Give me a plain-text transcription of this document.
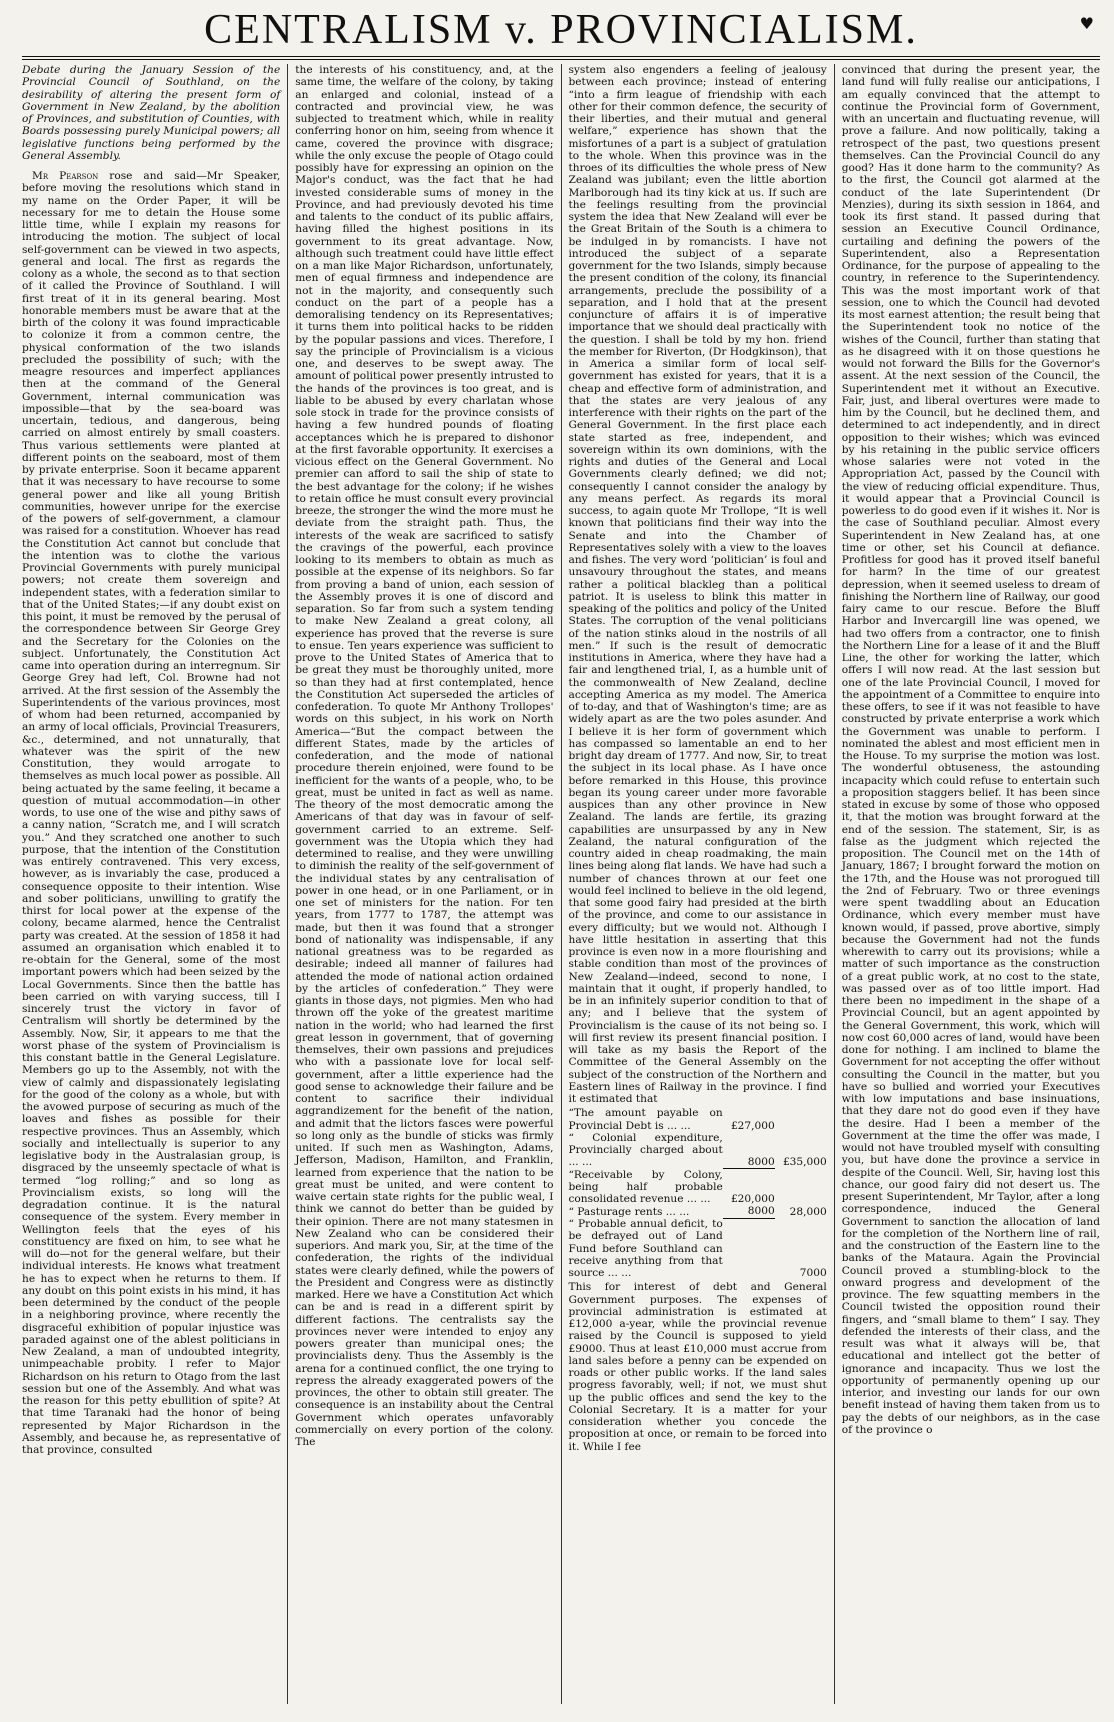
♥
CENTRALISM v. PROVINCIALISM.

Debate during the January Session of the Provincial Council of Southland, on the desirability of altering the present form of Government in New Zealand, by the abolition of Provinces, and substitution of Counties, with Boards possessing purely Municipal powers; all legislative functions being performed by the General Assembly.

Mr Pearson rose and said—Mr Speaker, before moving the resolutions which stand in my name on the Order Paper, it will be necessary for me to detain the House some little time, while I explain my reasons for introducing the motion. The subject of local self-government can be viewed in two aspects, general and local. The first as regards the colony as a whole, the second as to that section of it called the Province of Southland. I will first treat of it in its general bearing. Most honorable members must be aware that at the birth of the colony it was found impracticable to colonize it from a common centre, the physical conformation of the two islands precluded the possibility of such; with the meagre resources and imperfect appliances then at the command of the General Government, internal communication was impossible—that by the sea-board was uncertain, tedious, and dangerous, being carried on almost entirely by small coasters. Thus various settlements were planted at different points on the seaboard, most of them by private enterprise. Soon it became apparent that it was necessary to have recourse to some general power and like all young British communities, however unripe for the exercise of the powers of self-government, a clamour was raised for a constitution. Whoever has read the Constitution Act cannot but conclude that the intention was to clothe the various Provincial Governments with purely municipal powers; not create them sovereign and independent states, with a federation similar to that of the United States;—if any doubt exist on this point, it must be removed by the perusal of the correspondence between Sir George Grey and the Secretary for the Colonies on the subject. Unfortunately, the Constitution Act came into operation during an interregnum. Sir George Grey had left, Col. Browne had not arrived. At the first session of the Assembly the Superintendents of the various provinces, most of whom had been returned, accompanied by an army of local officials, Provincial Treasurers, &c., determined, and not unnaturally, that whatever was the spirit of the new Constitution, they would arrogate to themselves as much local power as possible. All being actuated by the same feeling, it became a question of mutual accommodation—in other words, to use one of the wise and pithy saws of a canny nation, “Scratch me, and I will scratch you.” And they scratched one another to such purpose, that the intention of the Constitution was entirely contravened. This very excess, however, as is invariably the case, produced a consequence opposite to their intention. Wise and sober politicians, unwilling to gratify the thirst for local power at the expense of the colony, became alarmed, hence the Centralist party was created. At the session of 1858 it had assumed an organisation which enabled it to re-obtain for the General, some of the most important powers which had been seized by the Local Governments. Since then the battle has been carried on with varying success, till I sincerely trust the victory in favor of Centralism will shortly be determined by the Assembly. Now, Sir, it appears to me that the worst phase of the system of Provincialism is this constant battle in the General Legislature. Members go up to the Assembly, not with the view of calmly and dispassionately legislating for the good of the colony as a whole, but with the avowed purpose of securing as much of the loaves and fishes as possible for their respective provinces. Thus an Assembly, which socially and intellectually is superior to any legislative body in the Australasian group, is disgraced by the unseemly spectacle of what is termed “log rolling;” and so long as Provincialism exists, so long will the degradation continue. It is the natural consequence of the system. Every member in Wellington feels that the eyes of his constituency are fixed on him, to see what he will do—not for the general welfare, but their individual interests. He knows what treatment he has to expect when he returns to them. If any doubt on this point exists in his mind, it has been determined by the conduct of the people in a neighboring province, where recently the disgraceful exhibition of popular injustice was paraded against one of the ablest politicians in New Zealand, a man of undoubted integrity, unimpeachable probity. I refer to Major Richardson on his return to Otago from the last session but one of the Assembly. And what was the reason for this petty ebullition of spite? At that time Taranaki had the honor of being represented by Major Richardson in the Assembly, and because he, as representative of that province, consulted

the interests of his constituency, and, at the same time, the welfare of the colony, by taking an enlarged and colonial, instead of a contracted and provincial view, he was subjected to treatment which, while in reality conferring honor on him, seeing from whence it came, covered the province with disgrace; while the only excuse the people of Otago could possibly have for expressing an opinion on the Major's conduct, was the fact that he had invested considerable sums of money in the Province, and had previously devoted his time and talents to the conduct of its public affairs, having filled the highest positions in its government to its great advantage. Now, although such treatment could have little effect on a man like Major Richardson, unfortunately, men of equal firmness and independence are not in the majority, and consequently such conduct on the part of a people has a demoralising tendency on its Representatives; it turns them into political hacks to be ridden by the popular passions and vices. Therefore, I say the principle of Provincialism is a vicious one, and deserves to be swept away. The amount of political power presently intrusted to the hands of the provinces is too great, and is liable to be abused by every charlatan whose sole stock in trade for the province consists of having a few hundred pounds of floating acceptances which he is prepared to dishonor at the first favorable opportunity. It exercises a vicious effect on the General Government. No premier can afford to sail the ship of state to the best advantage for the colony; if he wishes to retain office he must consult every provincial breeze, the stronger the wind the more must he deviate from the straight path. Thus, the interests of the weak are sacrificed to satisfy the cravings of the powerful, each province looking to its members to obtain as much as possible at the expense of its neighbors. So far from proving a band of union, each session of the Assembly proves it is one of discord and separation. So far from such a system tending to make New Zealand a great colony, all experience has proved that the reverse is sure to ensue. Ten years experience was sufficient to prove to the United States of America that to be great they must be thoroughly united, more so than they had at first contemplated, hence the Constitution Act superseded the articles of confederation. To quote Mr Anthony Trollopes' words on this subject, in his work on North America—“But the compact between the different States, made by the articles of confederation, and the mode of national procedure therein enjoined, were found to be inefficient for the wants of a people, who, to be great, must be united in fact as well as name. The theory of the most democratic among the Americans of that day was in favour of self-government carried to an extreme. Self-government was the Utopia which they had determined to realise, and they were unwilling to diminish the reality of the self-government of the individual states by any centralisation of power in one head, or in one Parliament, or in one set of ministers for the nation. For ten years, from 1777 to 1787, the attempt was made, but then it was found that a stronger bond of nationality was indispensable, if any national greatness was to be regarded as desirable; indeed all manner of failures had attended the mode of national action ordained by the articles of confederation.” They were giants in those days, not pigmies. Men who had thrown off the yoke of the greatest maritime nation in the world; who had learned the first great lesson in government, that of governing themselves, their own passions and prejudices who with a passionate love for local self-government, after a little experience had the good sense to acknowledge their failure and be content to sacrifice their individual aggrandizement for the benefit of the nation, and admit that the lictors fasces were powerful so long only as the bundle of sticks was firmly united. If such men as Washington, Adams, Jefferson, Madison, Hamilton, and Franklin, learned from experience that the nation to be great must be united, and were content to waive certain state rights for the public weal, I think we cannot do better than be guided by their opinion. There are not many statesmen in New Zealand who can be considered their superiors. And mark you, Sir, at the time of the confederation, the rights of the individual states were clearly defined, while the powers of the President and Congress were as distinctly marked. Here we have a Constitution Act which can be and is read in a different spirit by different factions. The centralists say the provinces never were intended to enjoy any powers greater than municipal ones; the provincialists deny. Thus the Assembly is the arena for a continued conflict, the one trying to repress the already exaggerated powers of the provinces, the other to obtain still greater. The consequence is an instability about the Central Government which operates unfavorably commercially on every portion of the colony. The

system also engenders a feeling of jealousy between each province; instead of entering “into a firm league of friendship with each other for their common defence, the security of their liberties, and their mutual and general welfare,” experience has shown that the misfortunes of a part is a subject of gratulation to the whole. When this province was in the throes of its difficulties the whole press of New Zealand was jubilant; even the little abortion Marlborough had its tiny kick at us. If such are the feelings resulting from the provincial system the idea that New Zealand will ever be the Great Britain of the South is a chimera to be indulged in by romancists. I have not introduced the subject of a separate government for the two Islands, simply because the present condition of the colony, its financial arrangements, preclude the possibility of a separation, and I hold that at the present conjuncture of affairs it is of imperative importance that we should deal practically with the question. I shall be told by my hon. friend the member for Riverton, (Dr Hodgkinson), that in America a similar form of local self-government has existed for years, that it is a cheap and effective form of administration, and that the states are very jealous of any interference with their rights on the part of the General Government. In the first place each state started as free, independent, and sovereign within its own dominions, with the rights and duties of the General and Local Governments clearly defined; we did not; consequently I cannot consider the analogy by any means perfect. As regards its moral success, to again quote Mr Trollope, “It is well known that politicians find their way into the Senate and into the Chamber of Representatives solely with a view to the loaves and fishes. The very word ‘politician’ is foul and unsavoury throughout the states, and means rather a political blackleg than a political patriot. It is useless to blink this matter in speaking of the politics and policy of the United States. The corruption of the venal politicians of the nation stinks aloud in the nostrils of all men.” If such is the result of democratic institutions in America, where they have had a fair and lengthened trial, I, as a humble unit of the commonwealth of New Zealand, decline accepting America as my model. The America of to-day, and that of Washington's time; are as widely apart as are the two poles asunder. And I believe it is her form of government which has compassed so lamentable an end to her bright day dream of 1777. And now, Sir, to treat the subject in its local phase. As I have once before remarked in this House, this province began its young career under more favorable auspices than any other province in New Zealand. The lands are fertile, its grazing capabilities are unsurpassed by any in New Zealand, the natural configuration of the country aided in cheap roadmaking, the main lines being along flat lands. We have had such a number of chances thrown at our feet one would feel inclined to believe in the old legend, that some good fairy had presided at the birth of the province, and come to our assistance in every difficulty; but we would not. Although I have little hesitation in asserting that this province is even now in a more flourishing and stable condition than most of the provinces of New Zealand—indeed, second to none, I maintain that it ought, if properly handled, to be in an infinitely superior condition to that of any; and I believe that the system of Provincialism is the cause of its not being so. I will first review its present financial position. I will take as my basis the Report of the Committee of the General Assembly on the subject of the construction of the Northern and Eastern lines of Railway in the province. I find it estimated that

“The amount payable on Provincial Debt is ... ...	£27,000	
“ Colonial expenditure, Provincially charged about ... ...	8000	£35,000
“Receivable by Colony, being half probable consolidated revenue ... ...	£20,000	
“ Pasturage rents ... ...	8000	28,000
“ Probable annual deficit, to be defrayed out of Land Fund before Southland can receive anything from that source ... ...		7000

This for interest of debt and General Government purposes. The expenses of provincial administration is estimated at £12,000 a-year, while the provincial revenue raised by the Council is supposed to yield £9000. Thus at least £10,000 must accrue from land sales before a penny can be expended on roads or other public works. If the land sales progress favorably, well; if not, we must shut up the public offices and send the key to the Colonial Secretary. It is a matter for your consideration whether you concede the proposition at once, or remain to be forced into it. While I fee

convinced that during the present year, the land fund will fully realise our anticipations, I am equally convinced that the attempt to continue the Provincial form of Government, with an uncertain and fluctuating revenue, will prove a failure. And now politically, taking a retrospect of the past, two questions present themselves. Can the Provincial Council do any good? Has it done harm to the community? As to the first, the Council got alarmed at the conduct of the late Superintendent (Dr Menzies), during its sixth session in 1864, and took its first stand. It passed during that session an Executive Council Ordinance, curtailing and defining the powers of the Superintendent, also a Representation Ordinance, for the purpose of appealing to the country, in reference to the Superintendency. This was the most important work of that session, one to which the Council had devoted its most earnest attention; the result being that the Superintendent took no notice of the wishes of the Council, further than stating that as he disagreed with it on those questions he would not forward the Bills for the Governor's assent. At the next session of the Council, the Superintendent met it without an Executive. Fair, just, and liberal overtures were made to him by the Council, but he declined them, and determined to act independently, and in direct opposition to their wishes; which was evinced by his retaining in the public service officers whose salaries were not voted in the Appropriation Act, passed by the Council with the view of reducing official expenditure. Thus, it would appear that a Provincial Council is powerless to do good even if it wishes it. Nor is the case of Southland peculiar. Almost every Superintendent in New Zealand has, at one time or other, set his Council at defiance. Profitless for good has it proved itself baneful for harm? In the time of our greatest depression, when it seemed useless to dream of finishing the Northern line of Railway, our good fairy came to our rescue. Before the Bluff Harbor and Invercargill line was opened, we had two offers from a contractor, one to finish the Northern Line for a lease of it and the Bluff Line, the other for working the latter, which offers I will now read. At the last session but one of the late Provincial Council, I moved for the appointment of a Committee to enquire into these offers, to see if it was not feasible to have constructed by private enterprise a work which the Government was unable to perform. I nominated the ablest and most efficient men in the House. To my surprise the motion was lost. The wonderful obtuseness, the astounding incapacity which could refuse to entertain such a proposition staggers belief. It has been since stated in excuse by some of those who opposed it, that the motion was brought forward at the end of the session. The statement, Sir, is as false as the judgment which rejected the proposition. The Council met on the 14th of January, 1867; I brought forward the motion on the 17th, and the House was not prorogued till the 2nd of February. Two or three evenings were spent twaddling about an Education Ordinance, which every member must have known would, if passed, prove abortive, simply because the Government had not the funds wherewith to carry out its provisions; while a matter of such importance as the construction of a great public work, at no cost to the state, was passed over as of too little import. Had there been no impediment in the shape of a Provincial Council, but an agent appointed by the General Government, this work, which will now cost 60,000 acres of land, would have been done for nothing. I am inclined to blame the Government for not accepting the offer without consulting the Council in the matter, but you have so bullied and worried your Executives with low imputations and base insinuations, that they dare not do good even if they have the desire. Had I been a member of the Government at the time the offer was made, I would not have troubled myself with consulting you, but have done the province a service in despite of the Council. Well, Sir, having lost this chance, our good fairy did not desert us. The present Superintendent, Mr Taylor, after a long correspondence, induced the General Government to sanction the allocation of land for the completion of the Northern line of rail, and the construction of the Eastern line to the banks of the Mataura. Again the Provincial Council proved a stumbling-block to the onward progress and development of the province. The few squatting members in the Council twisted the opposition round their fingers, and “small blame to them” I say. They defended the interests of their class, and the result was what it always will be, that educational and intellect got the better of ignorance and incapacity. Thus we lost the opportunity of permanently opening up our interior, and investing our lands for our own benefit instead of having them taken from us to pay the debts of our neighbors, as in the case of the province o
